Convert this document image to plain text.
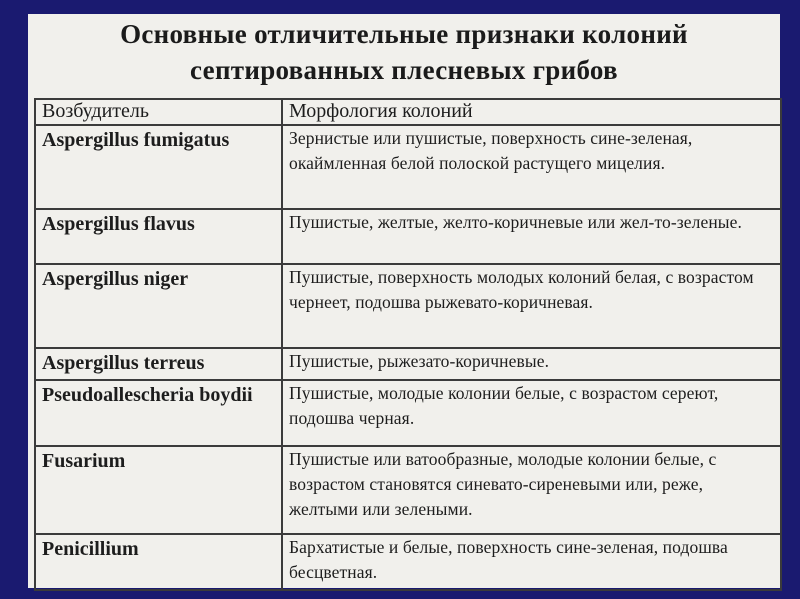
Основные отличительные признаки колоний
септированных плесневых грибов
Возбудитель	Морфология колоний
Aspergillus fumigatus	Зернистые или пушистые, поверхность сине-зеленая, окаймленная белой полоской растущего мицелия.
Aspergillus flavus	Пушистые, желтые, желто-коричневые или жел-то-зеленые.
Aspergillus niger	Пушистые, поверхность молодых колоний белая, с возрастом чернеет, подошва рыжевато-коричневая.
Aspergillus terreus	Пушистые, рыжезато-коричневые.
Pseudoallescheria boydii	Пушистые, молодые колонии белые, с возрастом сереют, подошва черная.
Fusarium	Пушистые или ватообразные, молодые колонии белые, с возрастом становятся синевато-сиреневыми или, реже, желтыми или зелеными.
Penicillium	Бархатистые и белые, поверхность сине-зеленая, подошва бесцветная.
